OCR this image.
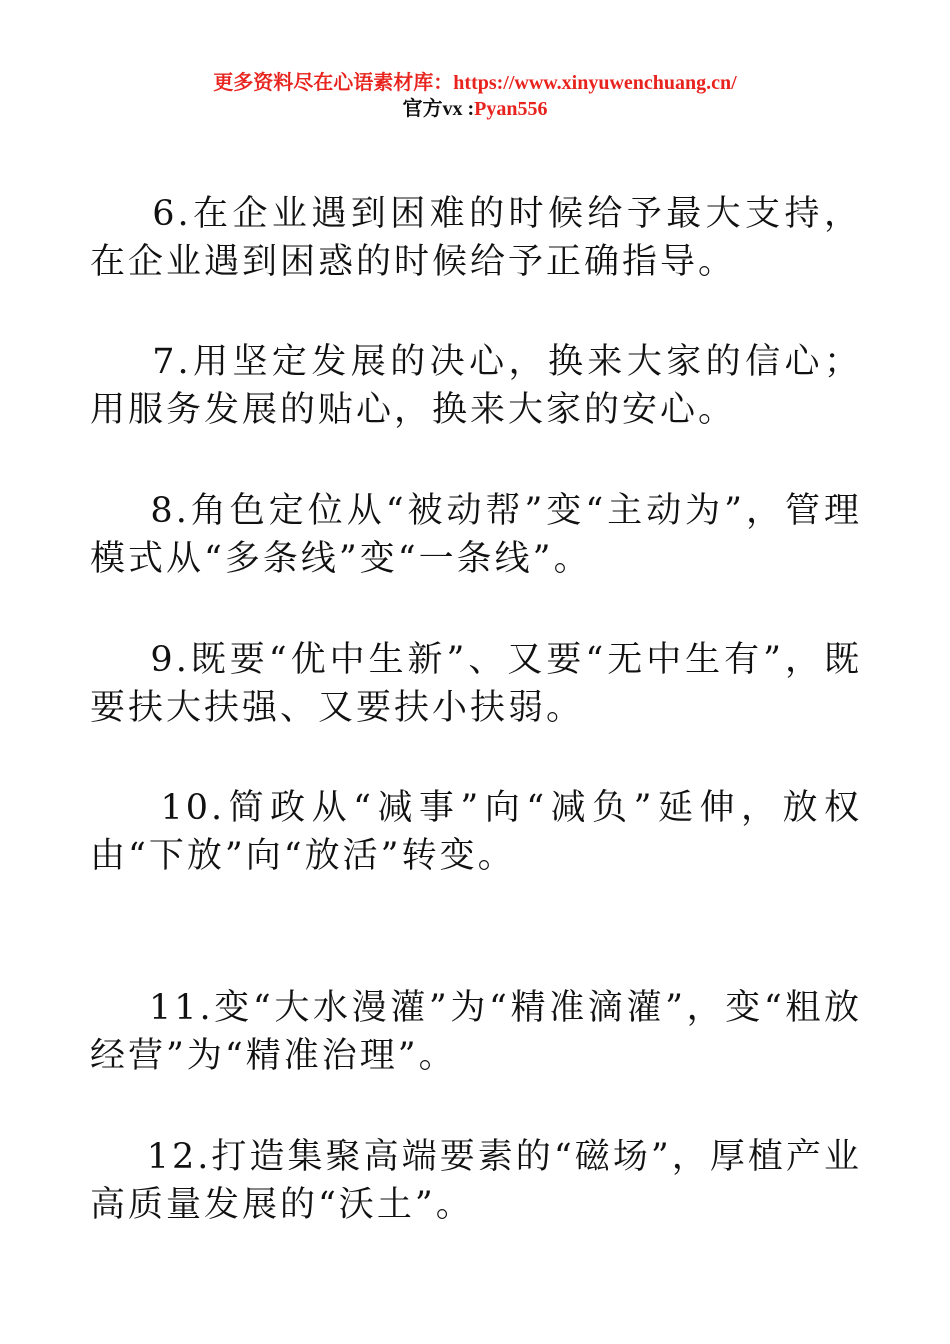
更多资料尽在心语素材库：https://www.xinyuwenchuang.cn/
官方vx :Pyan556

6.在企业遇到困难的时候给予最大支持，在企业遇到困惑的时候给予正确指导。

7.用坚定发展的决心，换来大家的信心；用服务发展的贴心，换来大家的安心。

8.角色定位从“被动帮”变“主动为”，管理模式从“多条线”变“一条线”。

9.既要“优中生新”、又要“无中生有”，既要扶大扶强、又要扶小扶弱。

10.简政从“减事”向“减负”延伸，放权由“下放”向“放活”转变。

11.变“大水漫灌”为“精准滴灌”，变“粗放经营”为“精准治理”。

12.打造集聚高端要素的“磁场”，厚植产业高质量发展的“沃土”。
